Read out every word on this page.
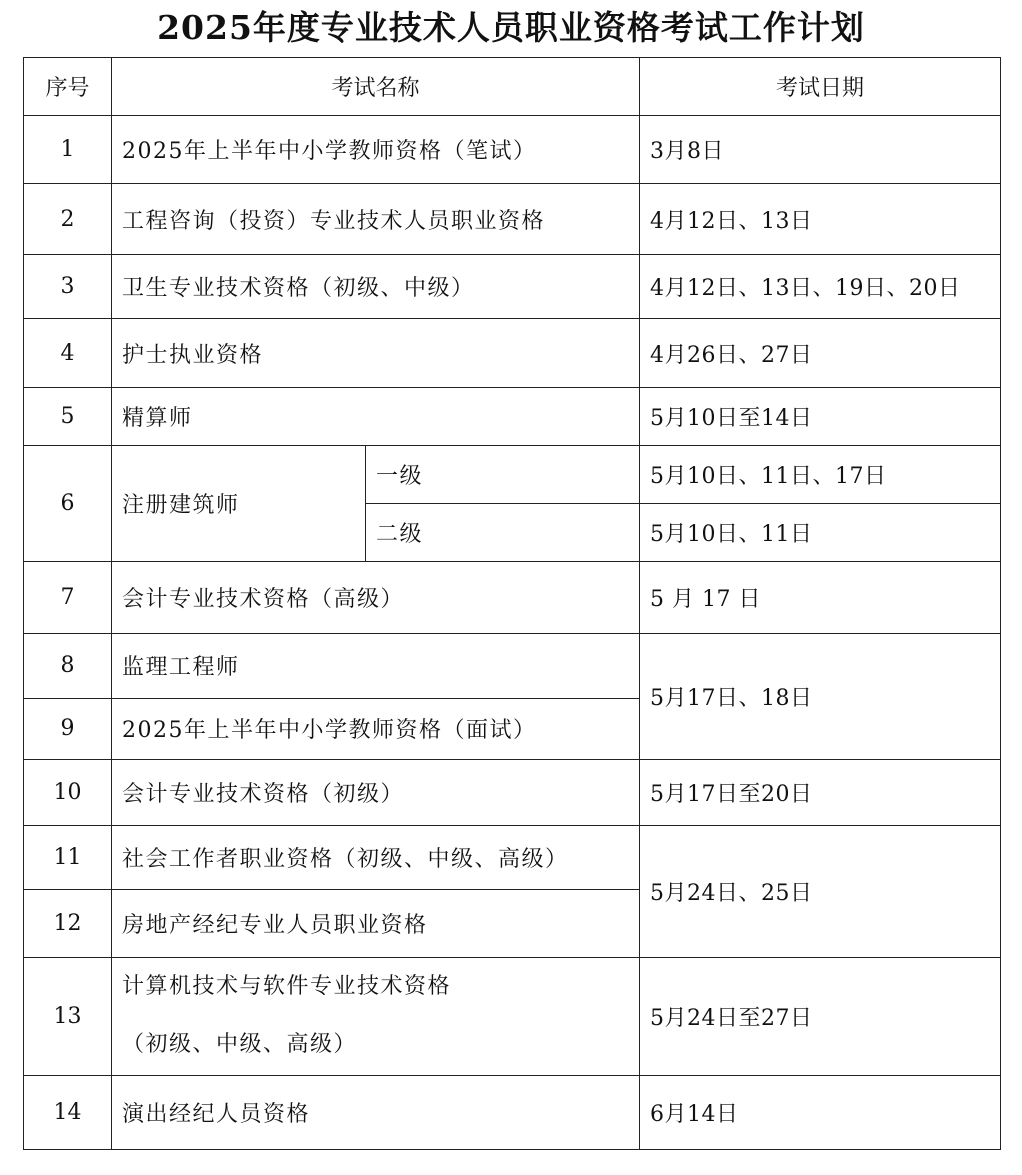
2025年度专业技术人员职业资格考试工作计划
序号	考试名称		考试日期
1	2025年上半年中小学教师资格（笔试）		3月8日
2	工程咨询（投资）专业技术人员职业资格		4月12日、13日
3	卫生专业技术资格（初级、中级）		4月12日、13日、19日、20日
4	护士执业资格		4月26日、27日
5	精算师		5月10日至14日
6	注册建筑师	一级	5月10日、11日、17日
		二级	5月10日、11日
7	会计专业技术资格（高级）		5 月 17 日
8	监理工程师		5月17日、18日
9	2025年上半年中小学教师资格（面试）		
10	会计专业技术资格（初级）		5月17日至20日
11	社会工作者职业资格（初级、中级、高级）		5月24日、25日
12	房地产经纪专业人员职业资格		
13	计算机技术与软件专业技术资格
（初级、中级、高级）		5月24日至27日
14	演出经纪人员资格		6月14日
